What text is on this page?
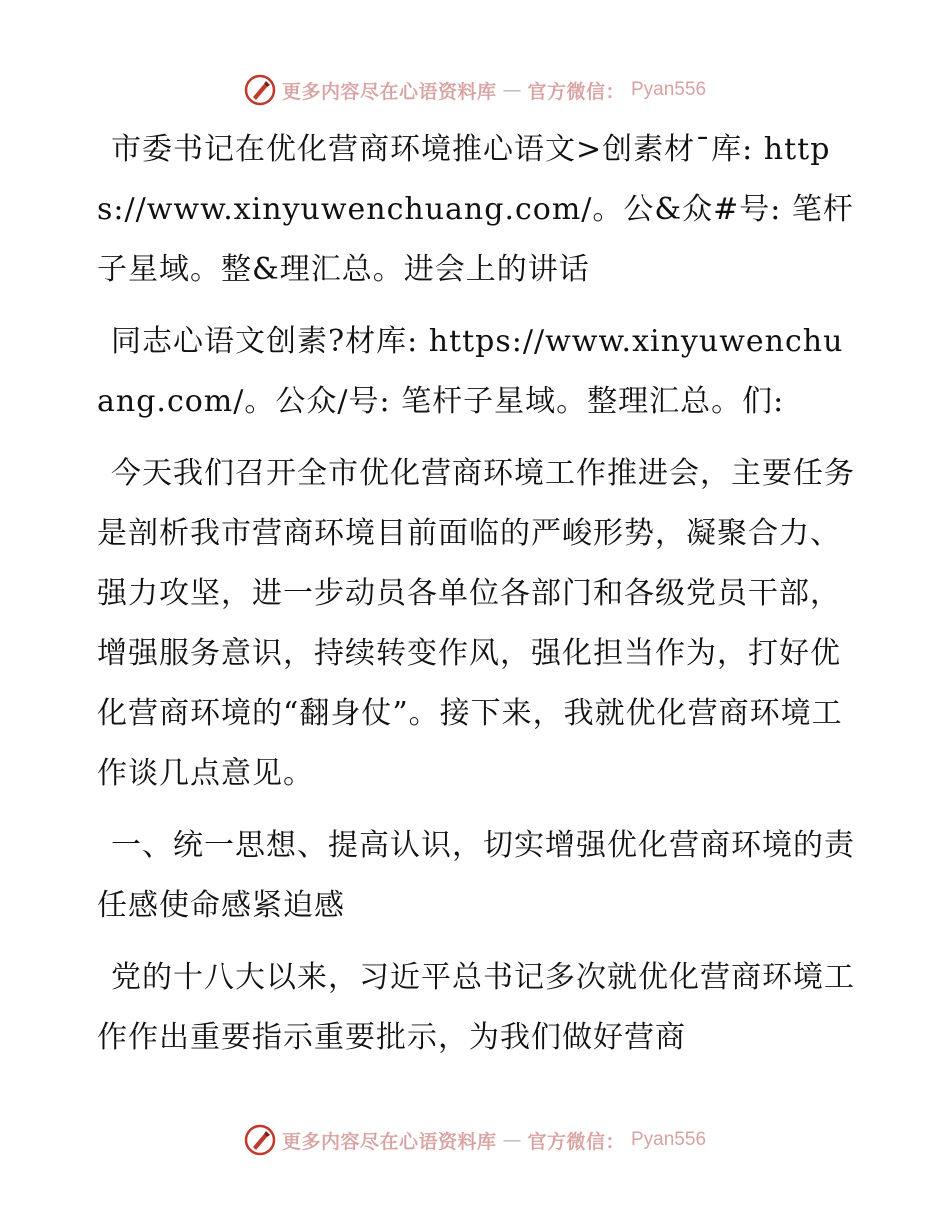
更多内容尽在心语资料库 — 官方微信： Pyan556

市委书记在优化营商环境推心语文>创素材¯库: https://www.xinyuwenchuang.com/。公&众#号: 笔杆子星域。整&理汇总。进会上的讲话

同志心语文创素?材库: https://www.xinyuwenchuang.com/。公众/号: 笔杆子星域。整理汇总。们:

今天我们召开全市优化营商环境工作推进会，主要任务是剖析我市营商环境目前面临的严峻形势，凝聚合力、强力攻坚，进一步动员各单位各部门和各级党员干部，增强服务意识，持续转变作风，强化担当作为，打好优化营商环境的“翻身仗”。接下来，我就优化营商环境工作谈几点意见。

一、统一思想、提高认识，切实增强优化营商环境的责任感使命感紧迫感

党的十八大以来，习近平总书记多次就优化营商环境工作作出重要指示重要批示，为我们做好营商

更多内容尽在心语资料库 — 官方微信： Pyan556
